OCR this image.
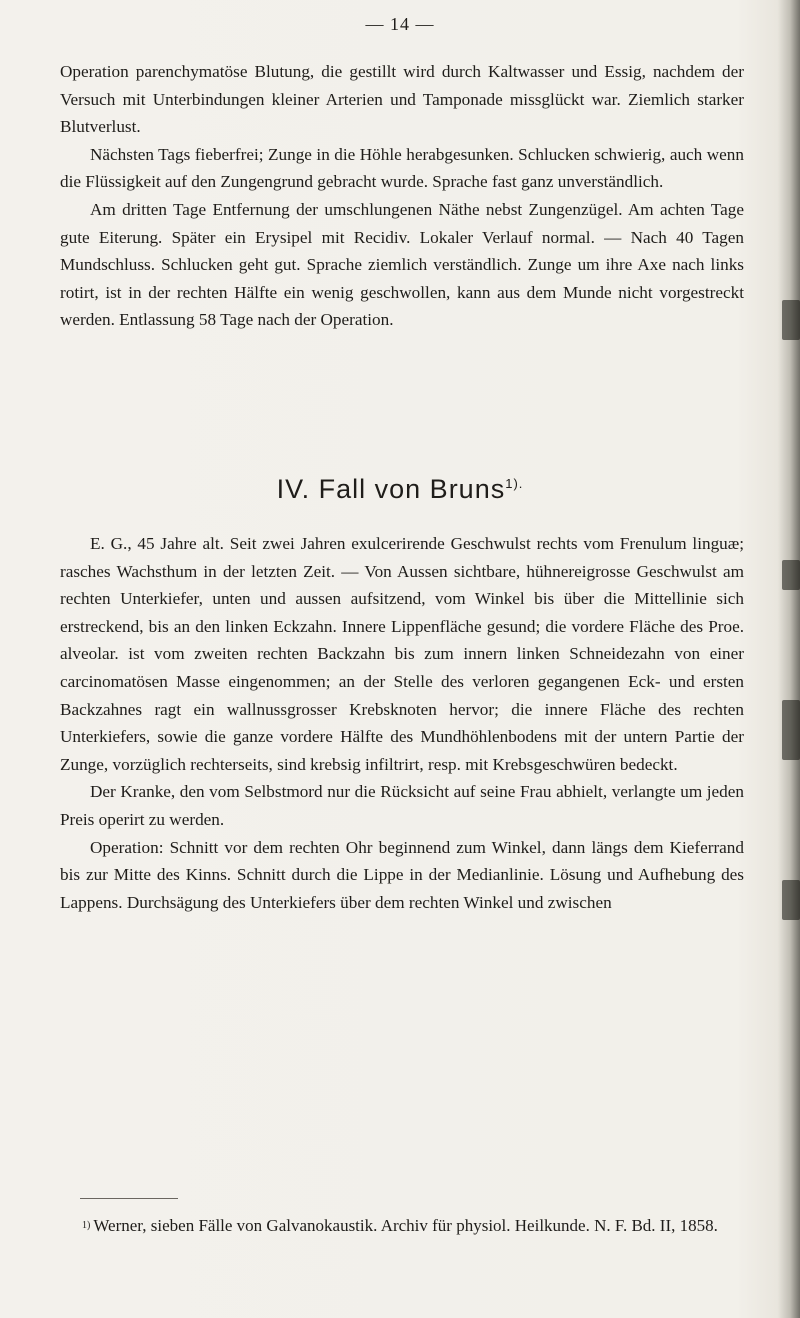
— 14 —

Operation parenchymatöse Blutung, die gestillt wird durch Kaltwasser und Essig, nachdem der Versuch mit Unterbindungen kleiner Arterien und Tamponade missglückt war. Ziemlich starker Blutverlust.

Nächsten Tags fieberfrei; Zunge in die Höhle herabgesunken. Schlucken schwierig, auch wenn die Flüssigkeit auf den Zungengrund gebracht wurde. Sprache fast ganz unverständlich.

Am dritten Tage Entfernung der umschlungenen Näthe nebst Zungenzügel. Am achten Tage gute Eiterung. Später ein Erysipel mit Recidiv. Lokaler Verlauf normal. — Nach 40 Tagen Mundschluss. Schlucken geht gut. Sprache ziemlich verständlich. Zunge um ihre Axe nach links rotirt, ist in der rechten Hälfte ein wenig geschwollen, kann aus dem Munde nicht vorgestreckt werden. Entlassung 58 Tage nach der Operation.

IV. Fall von Bruns$^{1).}$

E. G., 45 Jahre alt. Seit zwei Jahren exulcerirende Geschwulst rechts vom Frenulum linguæ; rasches Wachsthum in der letzten Zeit. — Von Aussen sichtbare, hühnereigrosse Geschwulst am rechten Unterkiefer, unten und aussen aufsitzend, vom Winkel bis über die Mittellinie sich erstreckend, bis an den linken Eckzahn. Innere Lippenfläche gesund; die vordere Fläche des Proe. alveolar. ist vom zweiten rechten Backzahn bis zum innern linken Schneidezahn von einer carcinomatösen Masse eingenommen; an der Stelle des verloren gegangenen Eck- und ersten Backzahnes ragt ein wallnussgrosser Krebsknoten hervor; die innere Fläche des rechten Unterkiefers, sowie die ganze vordere Hälfte des Mundhöhlenbodens mit der untern Partie der Zunge, vorzüglich rechterseits, sind krebsig infiltrirt, resp. mit Krebsgeschwüren bedeckt.

Der Kranke, den vom Selbstmord nur die Rücksicht auf seine Frau abhielt, verlangte um jeden Preis operirt zu werden.

Operation: Schnitt vor dem rechten Ohr beginnend zum Winkel, dann längs dem Kieferrand bis zur Mitte des Kinns. Schnitt durch die Lippe in der Medianlinie. Lösung und Aufhebung des Lappens. Durchsägung des Unterkiefers über dem rechten Winkel und zwischen

$^{1)}$ Werner, sieben Fälle von Galvanokaustik. Archiv für physiol. Heilkunde. N. F. Bd. II, 1858.
